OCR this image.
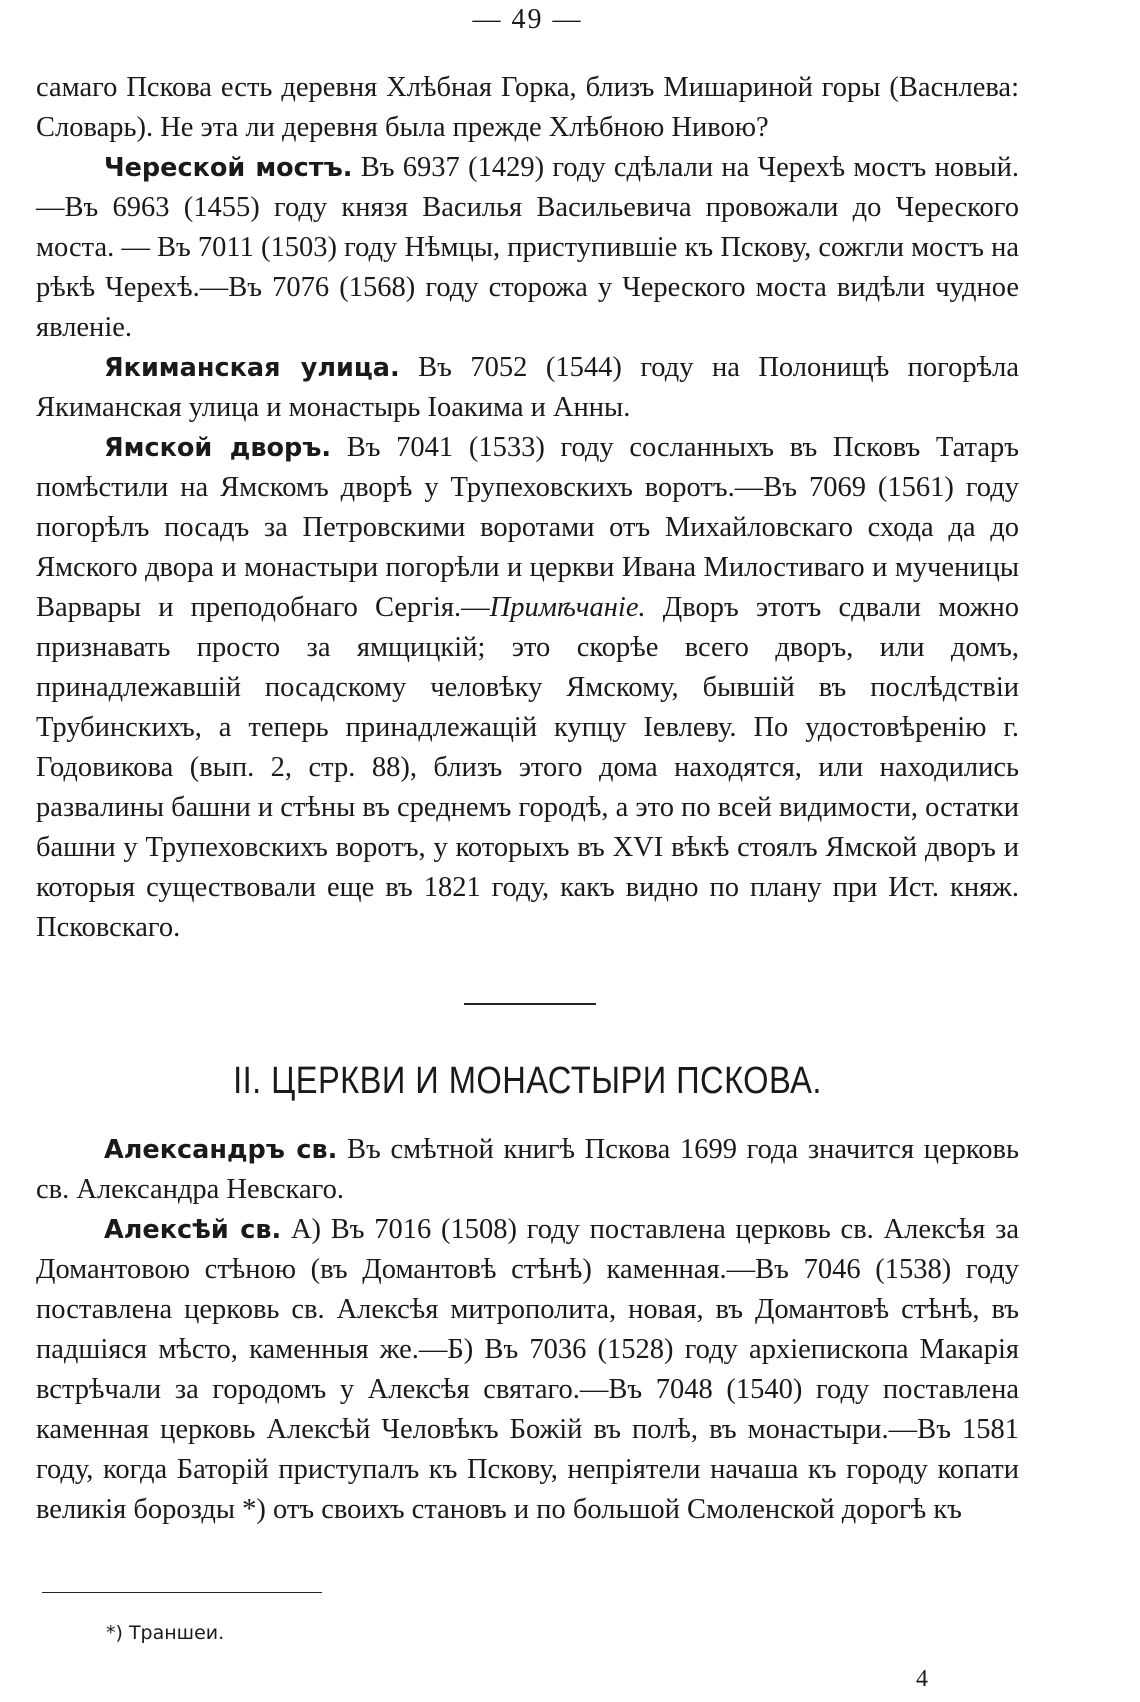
— 49 —

самаго Пскова есть деревня Хлѣбная Горка, близъ Мишариной горы (Васнлева: Словарь). Не эта ли деревня была прежде Хлѣбною Нивою?

Череской мостъ. Въ 6937 (1429) году сдѣлали на Черехѣ мостъ новый.—Въ 6963 (1455) году князя Василья Васильевича провожали до Череского моста. — Въ 7011 (1503) году Нѣмцы, приступившіе къ Пскову, сожгли мостъ на рѣкѣ Черехѣ.—Въ 7076 (1568) году сторожа у Череского моста видѣли чудное явленіе.

Якиманская улица. Въ 7052 (1544) году на Полонищѣ погорѣла Якиманская улица и монастырь Іоакима и Анны.

Ямской дворъ. Въ 7041 (1533) году сосланныхъ въ Псковъ Татаръ помѣстили на Ямскомъ дворѣ у Трупеховскихъ воротъ.—Въ 7069 (1561) году погорѣлъ посадъ за Петровскими воротами отъ Михайловскаго схода да до Ямского двора и монастыри погорѣли и церкви Ивана Милостиваго и мученицы Варвары и преподобнаго Сергія.—Примѣчаніе. Дворъ этотъ сдвали можно признавать просто за ямщицкій; это скорѣе всего дворъ, или домъ, принадлежавшій посадскому человѣку Ямскому, бывшій въ послѣдствіи Трубинскихъ, а теперь принадлежащій купцу Іевлеву. По удостовѣренію г. Годовикова (вып. 2, стр. 88), близъ этого дома находятся, или находились развалины башни и стѣны въ среднемъ городѣ, а это по всей видимости, остатки башни у Трупеховскихъ воротъ, у которыхъ въ XVI вѣкѣ стоялъ Ямской дворъ и которыя существовали еще въ 1821 году, какъ видно по плану при Ист. княж. Псковскаго.

II. ЦЕРКВИ И МОНАСТЫРИ ПСКОВА.

Александръ св. Въ смѣтной книгѣ Пскова 1699 года значится церковь св. Александра Невскаго.

Алексѣй св. А) Въ 7016 (1508) году поставлена церковь св. Алексѣя за Домантовою стѣною (въ Домантовѣ стѣнѣ) каменная.—Въ 7046 (1538) году поставлена церковь св. Алексѣя митрополита, новая, въ Домантовѣ стѣнѣ, въ падшіяся мѣсто, каменныя же.—Б) Въ 7036 (1528) году архіепископа Макарія встрѣчали за городомъ у Алексѣя святаго.—Въ 7048 (1540) году поставлена каменная церковь Алексѣй Человѣкъ Божій въ полѣ, въ монастыри.—Въ 1581 году, когда Баторій приступалъ къ Пскову, непріятели начаша къ городу копати великія борозды *) отъ своихъ становъ и по большой Смоленской дорогѣ къ

*) Траншеи.
4
